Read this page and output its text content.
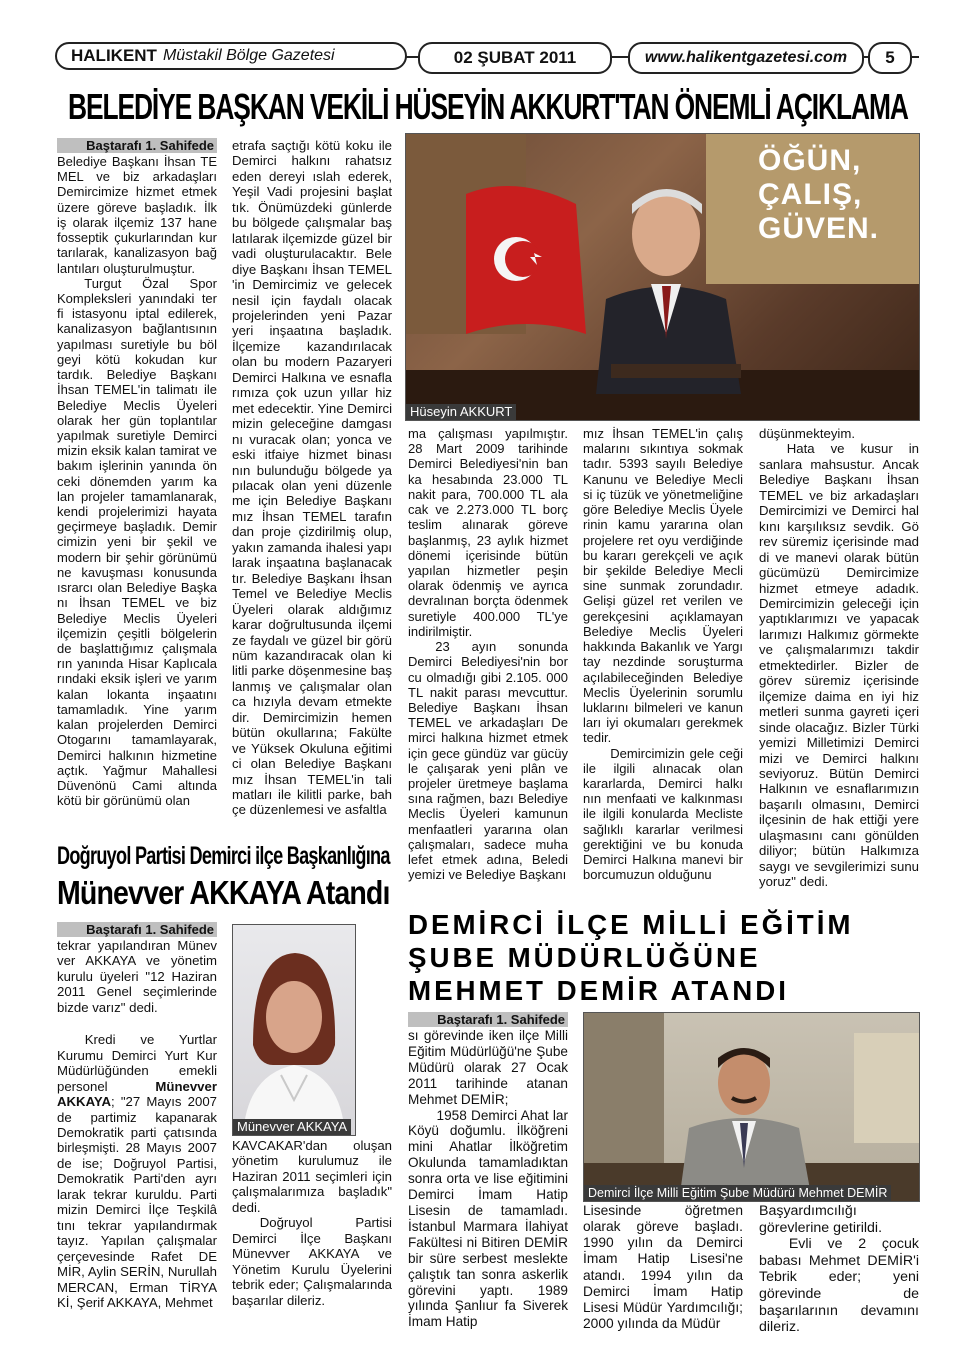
HALIKENT Müstakil Bölge Gazetesi	02 ŞUBAT 2011	www.halikentgazetesi.com 5
BELEDİYE BAŞKAN VEKİLİ HÜSEYİN AKKURT'TAN ÖNEMLİ AÇIKLAMA
Baştarafı 1. Sahifede

Belediye Başkanı İhsan TE MEL ve biz arkadaşları Demircimize hizmet etmek üzere göreve başladık. İlk iş olarak ilçemiz 137 hane fosseptik çukurlarından kur tarılarak, kanalizasyon bağ lantıları oluşturulmuştur.

Turgut Özal Spor Kompleksleri yanındaki ter fi istasyonu iptal edilerek, kanalizasyon bağlantısının yapılması suretiyle bu böl geyi kötü kokudan kur tardık. Belediye Başkanı İhsan TEMEL'in talimatı ile Belediye Meclis Üyeleri olarak her gün toplantılar yapılmak suretiyle Demirci mizin eksik kalan tamirat ve bakım işlerinin yanında ön ceki dönemden yarım ka lan projeler tamamlanarak, kendi projelerimizi hayata geçirmeye başladık. Demir cimizin yeni bir şekil ve modern bir şehir görünümü ne kavuşması konusunda ısrarcı olan Belediye Başka nı İhsan TEMEL ve biz Belediye Meclis Üyeleri ilçemizin çeşitli bölgelerin de başlattığımız çalışmala rın yanında Hisar Kaplıcala rındaki eksik işleri ve yarım kalan lokanta inşaatını tamamladık. Yine yarım kalan projelerden Demirci Otogarını tamamlayarak, Demirci halkının hizmetine açtık. Yağmur Mahallesi Düvenönü Cami altında kötü bir görünümü olan

etrafa saçtığı kötü koku ile Demirci halkını rahatsız eden dereyi ıslah ederek, Yeşil Vadi projesini başlat tık. Önümüzdeki günlerde bu bölgede çalışmalar baş latılarak ilçemizde güzel bir vadi oluşturulacaktır. Bele diye Başkanı İhsan TEMEL 'in Demircimiz ve gelecek nesil için faydalı olacak projelerinden yeni Pazar yeri inşaatına başladık. İlçemize kazandırılacak olan bu modern Pazaryeri Demirci Halkına ve esnafla rımıza çok uzun yıllar hiz met edecektir. Yine Demirci mizin geleceğine damgası nı vuracak olan; yonca ve eski itfaiye hizmet binası nın bulunduğu bölgede ya pılacak olan yeni düzenle me için Belediye Başkanı mız İhsan TEMEL tarafın dan proje çizdirilmiş olup, yakın zamanda ihalesi yapı larak inşaatına başlanacak tır. Belediye Başkanı İhsan Temel ve Belediye Meclis Üyeleri olarak aldığımız karar doğrultusunda ilçemi ze faydalı ve güzel bir görü nüm kazandıracak olan ki litli parke döşenmesine baş lanmış ve çalışmalar olan ca hızıyla devam etmekte dir. Demircimizin hemen bütün okullarına; Fakülte ve Yüksek Okuluna eğitimi ci olan Belediye Başkanı mız İhsan TEMEL'in tali matları ile kilitli parke, bah çe düzenlemesi ve asfaltla

ÖĞÜN,
ÇALIŞ,
GÜVEN.
Hüseyin AKKURT

ma çalışması yapılmıştır. 28 Mart 2009 tarihinde Demirci Belediyesi'nin ban ka hesabında 23.000 TL nakit para, 700.000 TL ala cak ve 2.273.000 TL borç teslim alınarak göreve başlanmış, 23 aylık hizmet dönemi içerisinde bütün yapılan hizmetler peşin olarak ödenmiş ve ayrıca devralınan borçta ödenmek suretiyle 400.000 TL'ye indirilmiştir.

23 ayın sonunda Demirci Belediyesi'nin bor cu olmadığı gibi 2.105. 000 TL nakit parası mevcuttur. Belediye Başkanı İhsan TEMEL ve arkadaşları De mirci halkına hizmet etmek için gece gündüz var gücüy le çalışarak yeni plân ve projeler üretmeye başlama sına rağmen, bazı Belediye Meclis Üyeleri kamunun menfaatleri yararına olan çalışmaları, sadece muha lefet etmek adına, Beledi yemizi ve Belediye Başkanı

mız İhsan TEMEL'in çalış malarını sıkıntıya sokmak tadır. 5393 sayılı Belediye Kanunu ve Belediye Mecli si iç tüzük ve yönetmeliğine göre Belediye Meclis Üyele rinin kamu yararına olan projelere ret oyu verdiğinde bu kararı gerekçeli ve açık bir şekilde Belediye Mecli sine sunmak zorundadır. Gelişi güzel ret verilen ve gerekçesini açıklamayan Belediye Meclis Üyeleri hakkında Bakanlık ve Yargı tay nezdinde soruşturma açılabileceğinden Belediye Meclis Üyelerinin sorumlu luklarını bilmeleri ve kanun ları iyi okumaları gerekmek tedir.

Demircimizin gele ceği ile ilgili alınacak olan kararlarda, Demirci halkı nın menfaati ve kalkınması ile ilgili konularda Mecliste sağlıklı kararlar verilmesi gerektiğini ve bu konuda Demirci Halkına manevi bir borcumuzun olduğunu

düşünmekteyim.

Hata ve kusur in sanlara mahsustur. Ancak Belediye Başkanı İhsan TEMEL ve biz arkadaşları Demircimizi ve Demirci hal kını karşılıksız sevdik. Gö rev süremiz içerisinde mad di ve manevi olarak bütün gücümüzü Demircimize hizmet etmeye adadık. Demircimizin geleceği için yaptıklarımızı ve yapacak larımızı Halkımız görmekte ve çalışmalarımızı takdir etmektedirler. Bizler de görev süremiz içerisinde ilçemize daima en iyi hiz metleri sunma gayreti içeri sinde olacağız. Bizler Türki yemizi Milletimizi Demirci mizi ve Demirci halkını seviyoruz. Bütün Demirci Halkının ve esnaflarımızın başarılı olmasını, Demirci ilçesinin de hak ettiği yere ulaşmasını canı gönülden diliyor; bütün Halkımıza saygı ve sevgilerimizi sunu yoruz" dedi.

Doğruyol Partisi Demirci ilçe Başkanlığına
Münevver AKKAYA Atandı
Baştarafı 1. Sahifede

tekrar yapılandıran Münev ver AKKAYA ve yönetim kurulu üyeleri "12 Haziran 2011 Genel seçimlerinde bizde varız" dedi.

Kredi ve Yurtlar Kurumu Demirci Yurt Kur Müdürlüğünden emekli personel Münevver AKKAYA; "27 Mayıs 2007 de partimiz kapanarak Demokratik parti çatısında birleşmişti. 28 Mayıs 2007 de ise; Doğruyol Partisi, Demokratik Parti'den ayrı larak tekrar kuruldu. Parti mizin Demirci İlçe Teşkilâ tını tekrar yapılandırmak tayız. Yapılan çalışmalar çerçevesinde Rafet DE MİR, Aylin SERİN, Nurullah MERCAN, Erman TİRYA Kİ, Şerif AKKAYA, Mehmet

Münevver AKKAYA

KAVCAKAR'dan oluşan yönetim kurulumuz ile Haziran 2011 seçimleri için çalışmalarımıza başladık" dedi.

Doğruyol Partisi Demirci İlçe Başkanı Münevver AKKAYA ve Yönetim Kurulu Üyelerini tebrik eder; Çalışmalarında başarılar dileriz.

DEMİRCİ İLÇE MİLLİ EĞİTİM
ŞUBE MÜDÜRLÜĞÜNE
MEHMET DEMİR ATANDI
Baştarafı 1. Sahifede

sı görevinde iken ilçe Milli Eğitim Müdürlüğü'ne Şube Müdürü olarak 27 Ocak 2011 tarihinde atanan Mehmet DEMİR;

1958 Demirci Ahat lar Köyü doğumlu. İlköğreni mini Ahatlar İlköğretim Okulunda tamamladıktan sonra orta ve lise eğitimini Demirci İmam Hatip Lisesin de tamamladı. İstanbul Marmara İlahiyat Fakültesi ni Bitiren DEMİR bir süre serbest meslekte çalıştık tan sonra askerlik görevini yaptı. 1989 yılında Şanlıur fa Siverek İmam Hatip

Demirci İlçe Milli Eğitim Şube Müdürü Mehmet DEMİR

Lisesinde öğretmen olarak göreve başladı. 1990 yılın da Demirci İmam Hatip Lisesi'ne atandı. 1994 yılın da Demirci İmam Hatip Lisesi Müdür Yardımcılığı; 2000 yılında da Müdür

Başyardımcılığı görevlerine getirildi.

Evli ve 2 çocuk babası Mehmet DEMİR'i Tebrik eder; yeni görevinde de başarılarının devamını dileriz.
